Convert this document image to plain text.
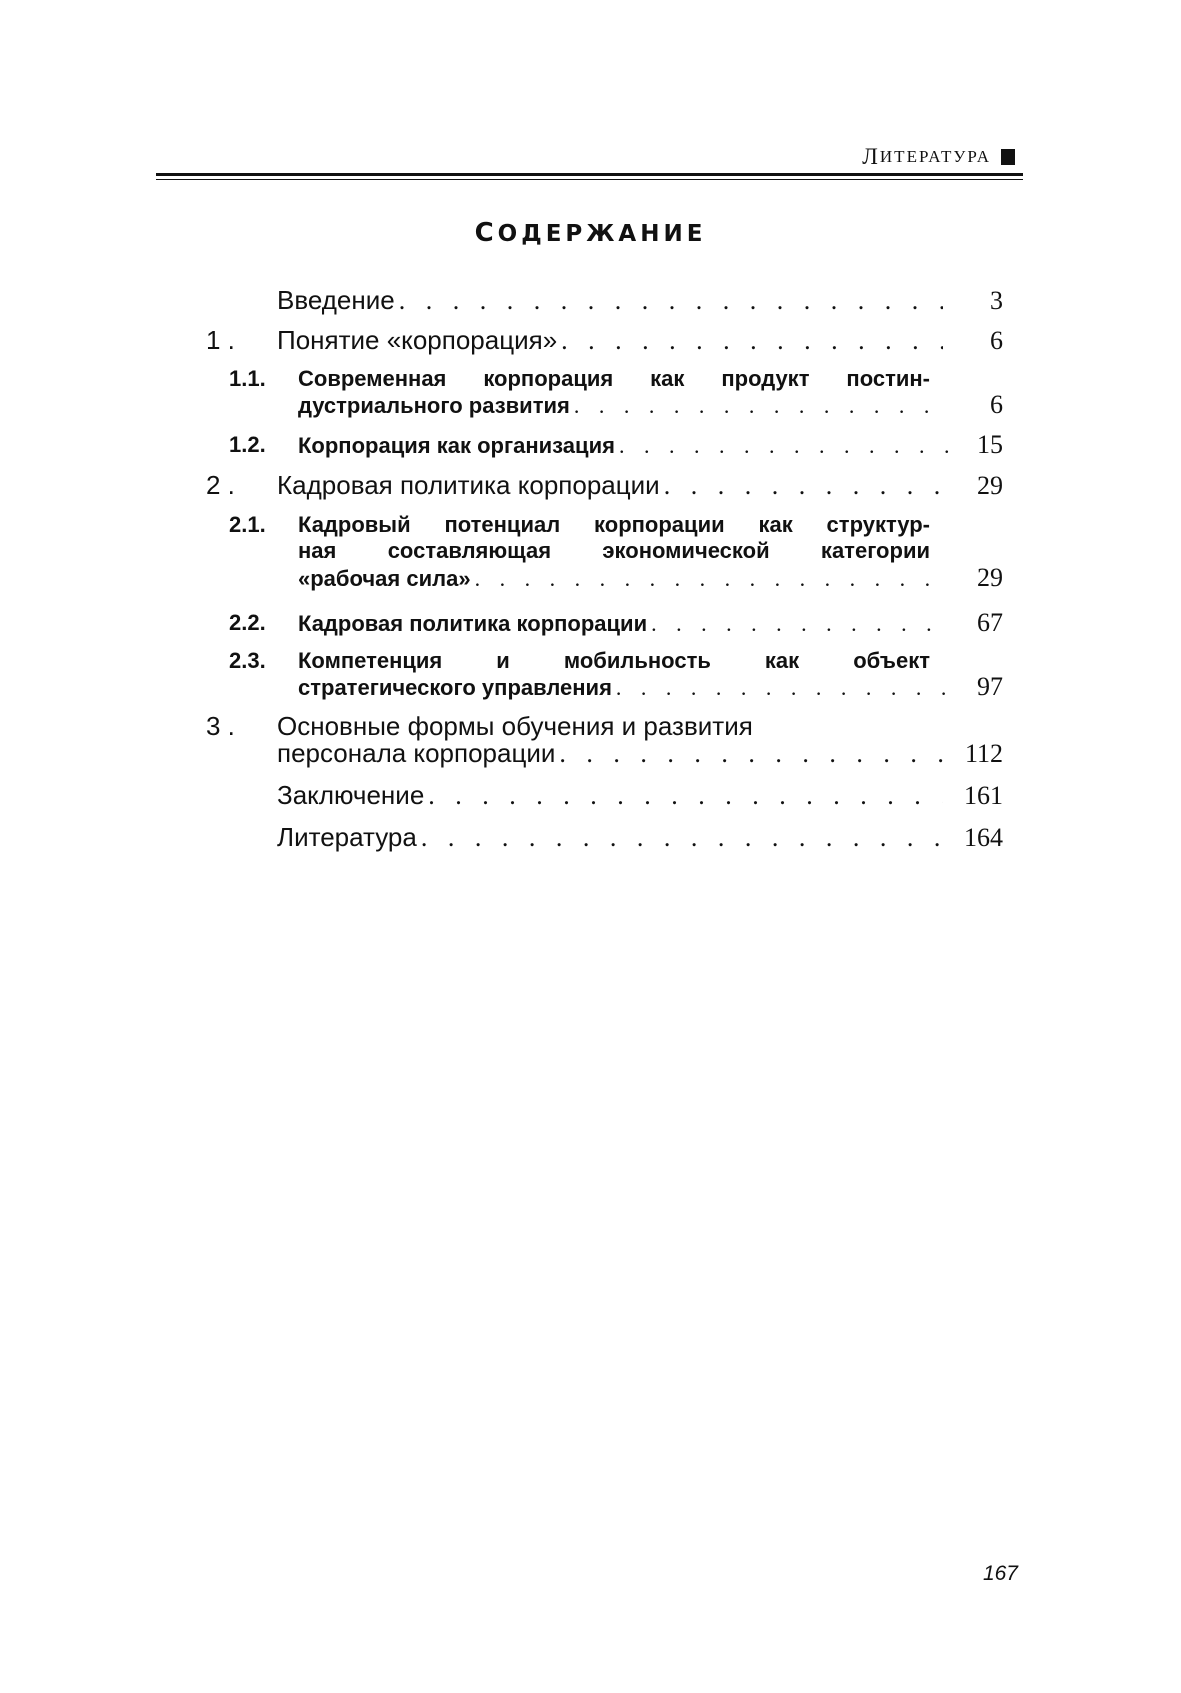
Л ИТЕРАТУРА
СОДЕРЖАНИЕ
Введение . . .	3
1 . Понятие «корпорация» . . .	6
1.1. Современная корпорация как продукт постин-
дустриального развития . . .	6
1.2. Корпорация как организация . . .	15
2 . Кадровая политика корпорации . . .	29
2.1. Кадровый потенциал корпорации как структур-
ная составляющая экономической категории
«рабочая сила» . . .	29
2.2. Кадровая политика корпорации . . .	67
2.3. Компетенция и мобильность как объект
стратегического управления . . .	97
3 . Основные формы обучения и развития
персонала корпорации . . .	112
Заключение . . .	161
Литература . . .	164
167
